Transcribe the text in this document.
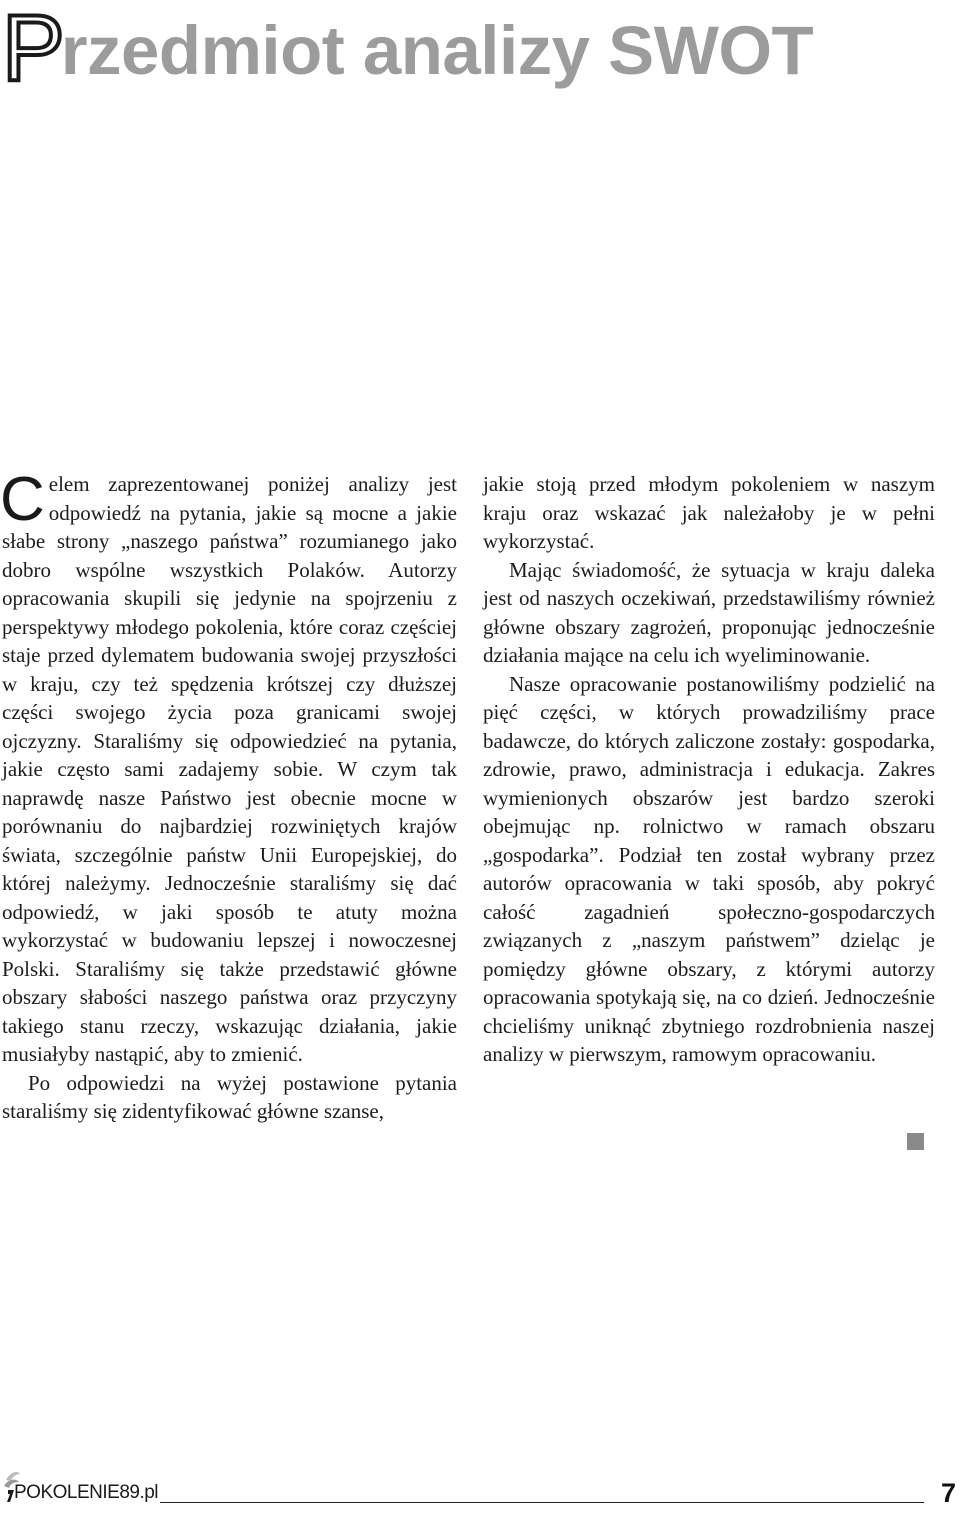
P rzedmiot analizy SWOT

Celem zaprezentowanej poniżej analizy jest odpowiedź na pytania, jakie są mocne a jakie słabe strony „naszego państwa” rozumianego jako dobro wspólne wszystkich Polaków. Autorzy opracowania skupili się jedynie na spojrzeniu z perspektywy młodego pokolenia, które coraz częściej staje przed dylematem budowania swojej przyszłości w kraju, czy też spędzenia krótszej czy dłuższej części swojego życia poza granicami swojej ojczyzny. Staraliśmy się odpowiedzieć na pytania, jakie często sami zadajemy sobie. W czym tak naprawdę nasze Państwo jest obecnie mocne w porównaniu do najbardziej rozwiniętych krajów świata, szczególnie państw Unii Europejskiej, do której należymy. Jednocześnie staraliśmy się dać odpowiedź, w jaki sposób te atuty można wykorzystać w budowaniu lepszej i nowoczesnej Polski. Staraliśmy się także przedstawić główne obszary słabości naszego państwa oraz przyczyny takiego stanu rzeczy, wskazując działania, jakie musiałyby nastąpić, aby to zmienić.

Po odpowiedzi na wyżej postawione pytania staraliśmy się zidentyfikować główne szanse,

jakie stoją przed młodym pokoleniem w naszym kraju oraz wskazać jak należałoby je w pełni wykorzystać.

Mając świadomość, że sytuacja w kraju daleka jest od naszych oczekiwań, przedstawiliśmy również główne obszary zagrożeń, proponując jednocześnie działania mające na celu ich wyeliminowanie.

Nasze opracowanie postanowiliśmy podzielić na pięć części, w których prowadziliśmy prace badawcze, do których zaliczone zostały: gospodarka, zdrowie, prawo, administracja i edukacja. Zakres wymienionych obszarów jest bardzo szeroki obejmując np. rolnictwo w ramach obszaru „gospodarka”. Podział ten został wybrany przez autorów opracowania w taki sposób, aby pokryć całość zagadnień społeczno-gospodarczych związanych z „naszym państwem” dzieląc je pomiędzy główne obszary, z którymi autorzy opracowania spotykają się, na co dzień. Jednocześnie chcieliśmy uniknąć zbytniego rozdrobnienia naszej analizy w pierwszym, ramowym opracowaniu.

POKOLENIE89.pl	7
